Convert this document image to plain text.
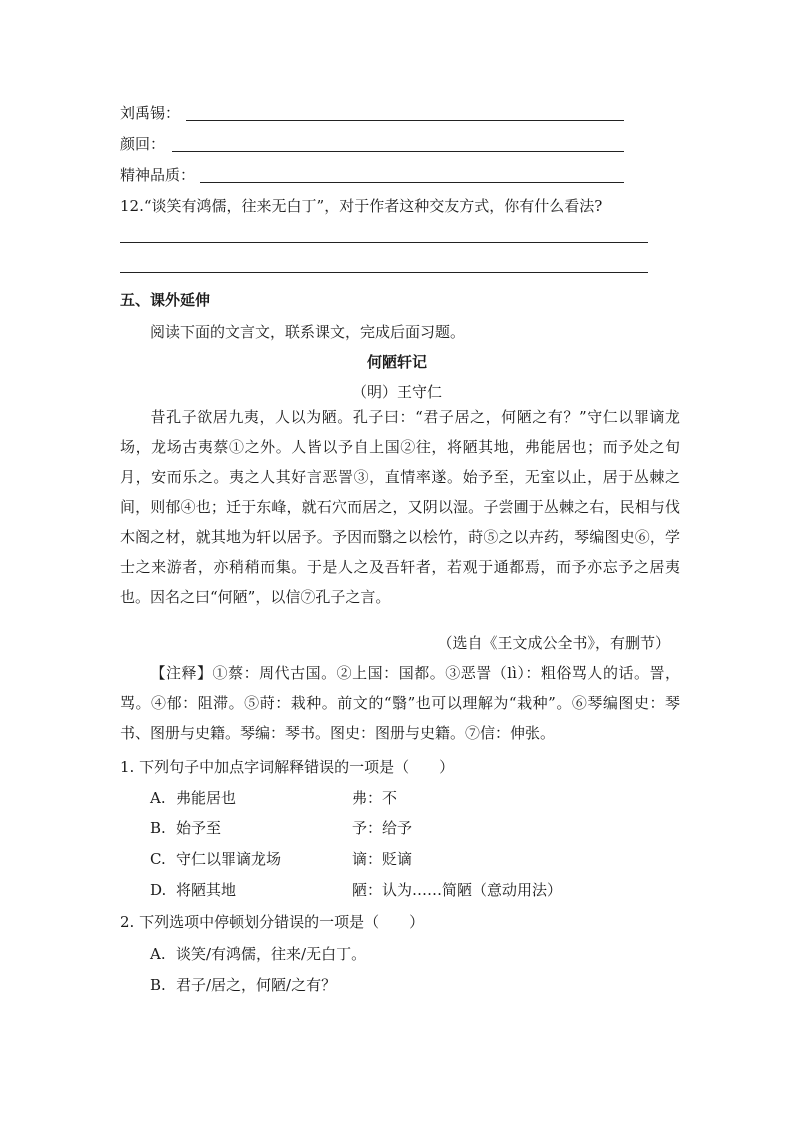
刘禹锡：
颜回：
精神品质：
12.“谈笑有鸿儒，往来无白丁”，对于作者这种交友方式，你有什么看法?
五、课外延伸
阅读下面的文言文，联系课文，完成后面习题。
何陋轩记
（明）王守仁
昔孔子欲居九夷，人以为陋。孔子曰：“君子居之，何陋之有？”守仁以罪谪龙场，龙场古夷蔡①之外。人皆以予自上国②往，将陋其地，弗能居也；而予处之旬月，安而乐之。夷之人其好言恶詈③，直情率遂。始予至，无室以止，居于丛棘之间，则郁④也；迁于东峰，就石穴而居之，又阴以湿。子尝圃于丛棘之右，民相与伐木阁之材，就其地为轩以居予。予因而翳之以桧竹，莳⑤之以卉药，琴编图史⑥，学士之来游者，亦稍稍而集。于是人之及吾轩者，若观于通都焉，而予亦忘予之居夷也。因名之曰“何陋”，以信⑦孔子之言。
（选自《王文成公全书》，有删节）
【注释】①蔡：周代古国。②上国：国都。③恶詈（lì）：粗俗骂人的话。詈，骂。④郁：阻滞。⑤莳：栽种。前文的“翳”也可以理解为“栽种”。⑥琴编图史：琴书、图册与史籍。琴编：琴书。图史：图册与史籍。⑦信：伸张。
1. 下列句子中加点字词解释错误的一项是（　　）
A. 弗能居也	弗：不
B. 始予至	予：给予
C. 守仁以罪谪龙场	谪：贬谪
D. 将陋其地	陋：认为……简陋（意动用法）
2. 下列选项中停顿划分错误的一项是（　　）
A. 谈笑/有鸿儒，往来/无白丁。
B. 君子/居之，何陋/之有？
